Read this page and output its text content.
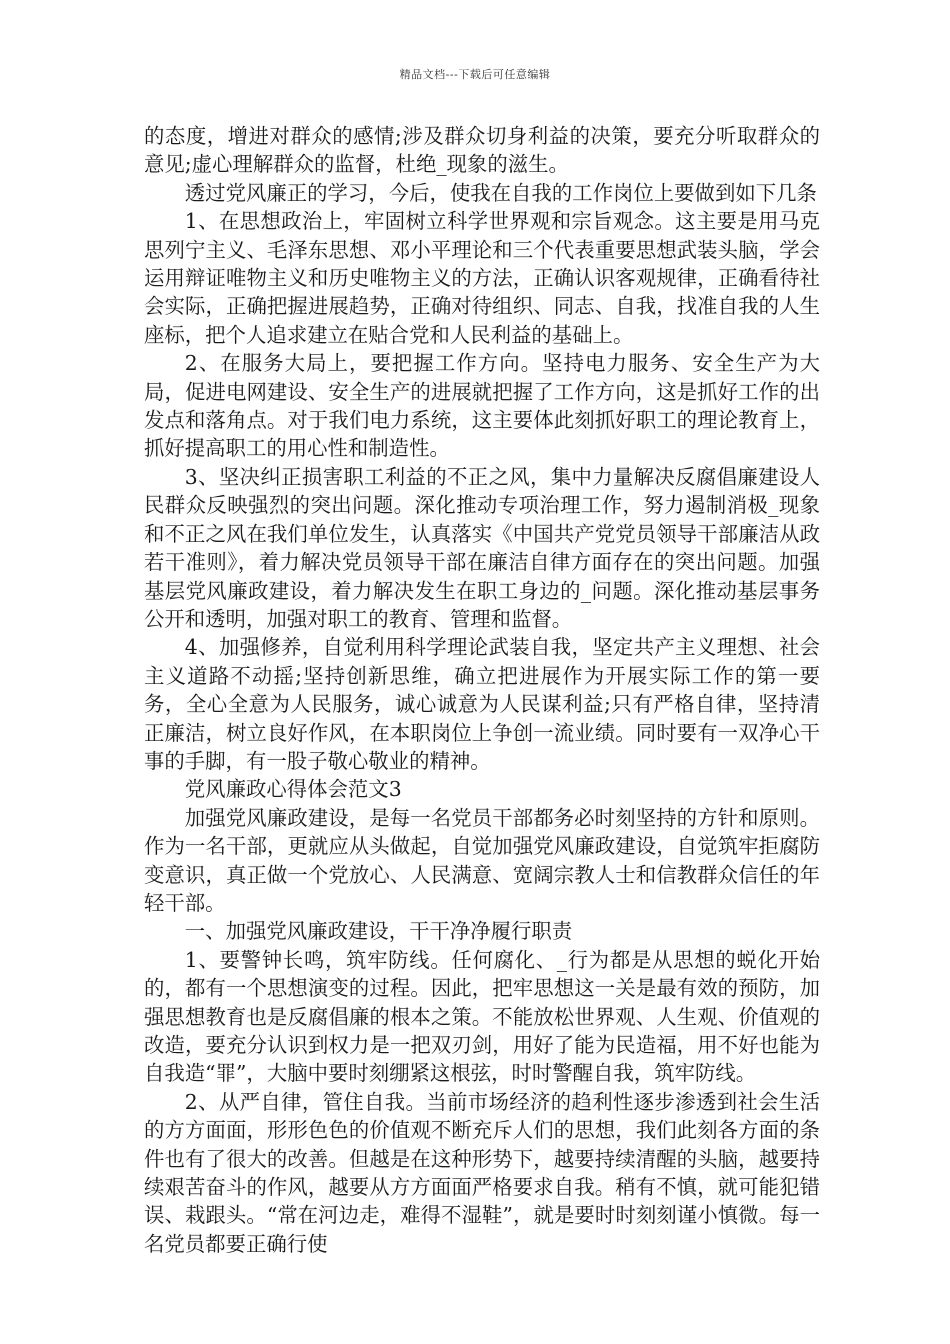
精品文档---下载后可任意编辑

的态度，增进对群众的感情;涉及群众切身利益的决策，要充分听取群众的意见;虚心理解群众的监督，杜绝_现象的滋生。

透过党风廉正的学习，今后，使我在自我的工作岗位上要做到如下几条

1、在思想政治上，牢固树立科学世界观和宗旨观念。这主要是用马克思列宁主义、毛泽东思想、邓小平理论和三个代表重要思想武装头脑，学会运用辩证唯物主义和历史唯物主义的方法，正确认识客观规律，正确看待社会实际，正确把握进展趋势，正确对待组织、同志、自我，找准自我的人生座标，把个人追求建立在贴合党和人民利益的基础上。

2、在服务大局上，要把握工作方向。坚持电力服务、安全生产为大局，促进电网建设、安全生产的进展就把握了工作方向，这是抓好工作的出发点和落角点。对于我们电力系统，这主要体此刻抓好职工的理论教育上，抓好提高职工的用心性和制造性。

3、坚决纠正损害职工利益的不正之风，集中力量解决反腐倡廉建设人民群众反映强烈的突出问题。深化推动专项治理工作，努力遏制消极_现象和不正之风在我们单位发生，认真落实《中国共产党党员领导干部廉洁从政若干准则》，着力解决党员领导干部在廉洁自律方面存在的突出问题。加强基层党风廉政建设，着力解决发生在职工身边的_问题。深化推动基层事务公开和透明，加强对职工的教育、管理和监督。

4、加强修养，自觉利用科学理论武装自我，坚定共产主义理想、社会主义道路不动摇;坚持创新思维，确立把进展作为开展实际工作的第一要务，全心全意为人民服务，诚心诚意为人民谋利益;只有严格自律，坚持清正廉洁，树立良好作风，在本职岗位上争创一流业绩。同时要有一双净心干事的手脚，有一股子敬心敬业的精神。

党风廉政心得体会范文3

加强党风廉政建设，是每一名党员干部都务必时刻坚持的方针和原则。作为一名干部，更就应从头做起，自觉加强党风廉政建设，自觉筑牢拒腐防变意识，真正做一个党放心、人民满意、宽阔宗教人士和信教群众信任的年轻干部。

一、加强党风廉政建设，干干净净履行职责

1、要警钟长鸣，筑牢防线。任何腐化、_行为都是从思想的蜕化开始的，都有一个思想演变的过程。因此，把牢思想这一关是最有效的预防，加强思想教育也是反腐倡廉的根本之策。不能放松世界观、人生观、价值观的改造，要充分认识到权力是一把双刃剑，用好了能为民造福，用不好也能为自我造“罪”，大脑中要时刻绷紧这根弦，时时警醒自我，筑牢防线。

2、从严自律，管住自我。当前市场经济的趋利性逐步渗透到社会生活的方方面面，形形色色的价值观不断充斥人们的思想，我们此刻各方面的条件也有了很大的改善。但越是在这种形势下，越要持续清醒的头脑，越要持续艰苦奋斗的作风，越要从方方面面严格要求自我。稍有不慎，就可能犯错误、栽跟头。“常在河边走，难得不湿鞋”，就是要时时刻刻谨小慎微。每一名党员都要正确行使
